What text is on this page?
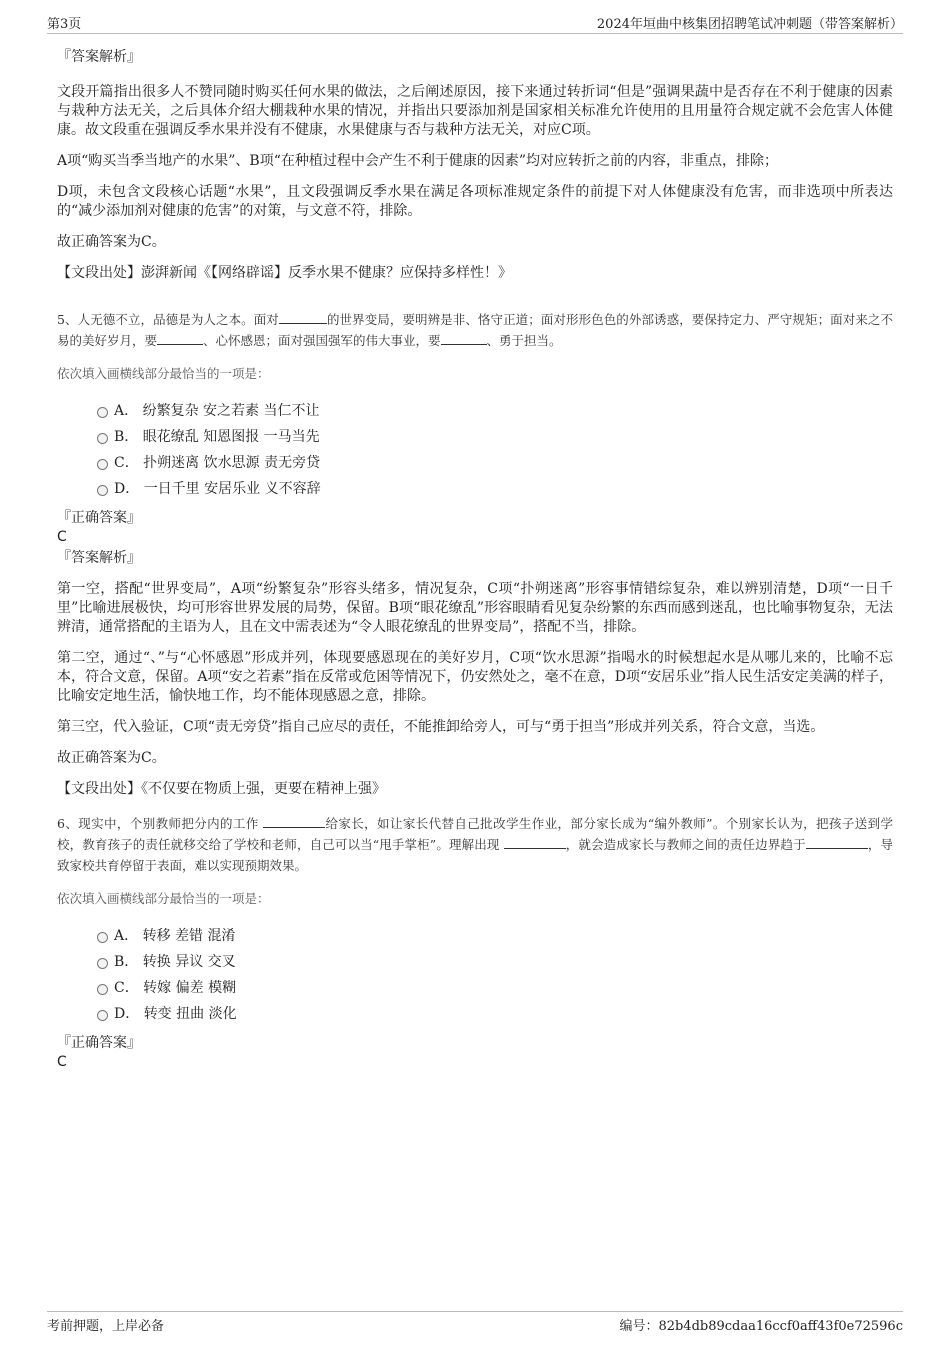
第3页	2024年垣曲中核集团招聘笔试冲刺题（带答案解析）

『答案解析』

文段开篇指出很多人不赞同随时购买任何水果的做法，之后阐述原因，接下来通过转折词“但是”强调果蔬中是否存在不利于健康的因素与栽种方法无关，之后具体介绍大棚栽种水果的情况，并指出只要添加剂是国家相关标准允许使用的且用量符合规定就不会危害人体健康。故文段重在强调反季水果并没有不健康，水果健康与否与栽种方法无关，对应C项。

A项“购买当季当地产的水果”、B项“在种植过程中会产生不利于健康的因素”均对应转折之前的内容，非重点，排除；

D项，未包含文段核心话题“水果”，且文段强调反季水果在满足各项标准规定条件的前提下对人体健康没有危害，而非选项中所表达的“减少添加剂对健康的危害”的对策，与文意不符，排除。

故正确答案为C。

【文段出处】澎湃新闻《【网络辟谣】反季水果不健康？应保持多样性！》

5、人无德不立，品德是为人之本。面对	的世界变局，要明辨是非、恪守正道；面对形形色色的外部诱惑，要保持定力、严守规矩；面对来之不易的美好岁月，要	、心怀感恩；面对强国强军的伟大事业，要	、勇于担当。

依次填入画横线部分最恰当的一项是：

A． 纷繁复杂 安之若素 当仁不让
B． 眼花缭乱 知恩图报 一马当先
C． 扑朔迷离 饮水思源 责无旁贷
D． 一日千里 安居乐业 义不容辞

『正确答案』

C

『答案解析』

第一空，搭配“世界变局”，A项“纷繁复杂”形容头绪多，情况复杂，C项“扑朔迷离”形容事情错综复杂，难以辨别清楚，D项“一日千里”比喻进展极快，均可形容世界发展的局势，保留。B项“眼花缭乱”形容眼睛看见复杂纷繁的东西而感到迷乱，也比喻事物复杂，无法辨清，通常搭配的主语为人，且在文中需表述为“令人眼花缭乱的世界变局”，搭配不当，排除。

第二空，通过“、”与“心怀感恩”形成并列，体现要感恩现在的美好岁月，C项“饮水思源”指喝水的时候想起水是从哪儿来的，比喻不忘本，符合文意，保留。A项“安之若素”指在反常或危困等情况下，仍安然处之，毫不在意，D项“安居乐业”指人民生活安定美满的样子，比喻安定地生活，愉快地工作，均不能体现感恩之意，排除。

第三空，代入验证，C项“责无旁贷”指自己应尽的责任，不能推卸给旁人，可与“勇于担当”形成并列关系，符合文意，当选。

故正确答案为C。

【文段出处】《不仅要在物质上强，更要在精神上强》

6、现实中，个别教师把分内的工作	给家长，如让家长代替自己批改学生作业，部分家长成为“编外教师”。个别家长认为，把孩子送到学校，教育孩子的责任就移交给了学校和老师，自己可以当“甩手掌柜”。理解出现	，就会造成家长与教师之间的责任边界趋于	，导致家校共育停留于表面，难以实现预期效果。

依次填入画横线部分最恰当的一项是：

A． 转移 差错 混淆
B． 转换 异议 交叉
C． 转嫁 偏差 模糊
D． 转变 扭曲 淡化

『正确答案』

C

考前押题，上岸必备	编号：82b4db89cdaa16ccf0aff43f0e72596c
